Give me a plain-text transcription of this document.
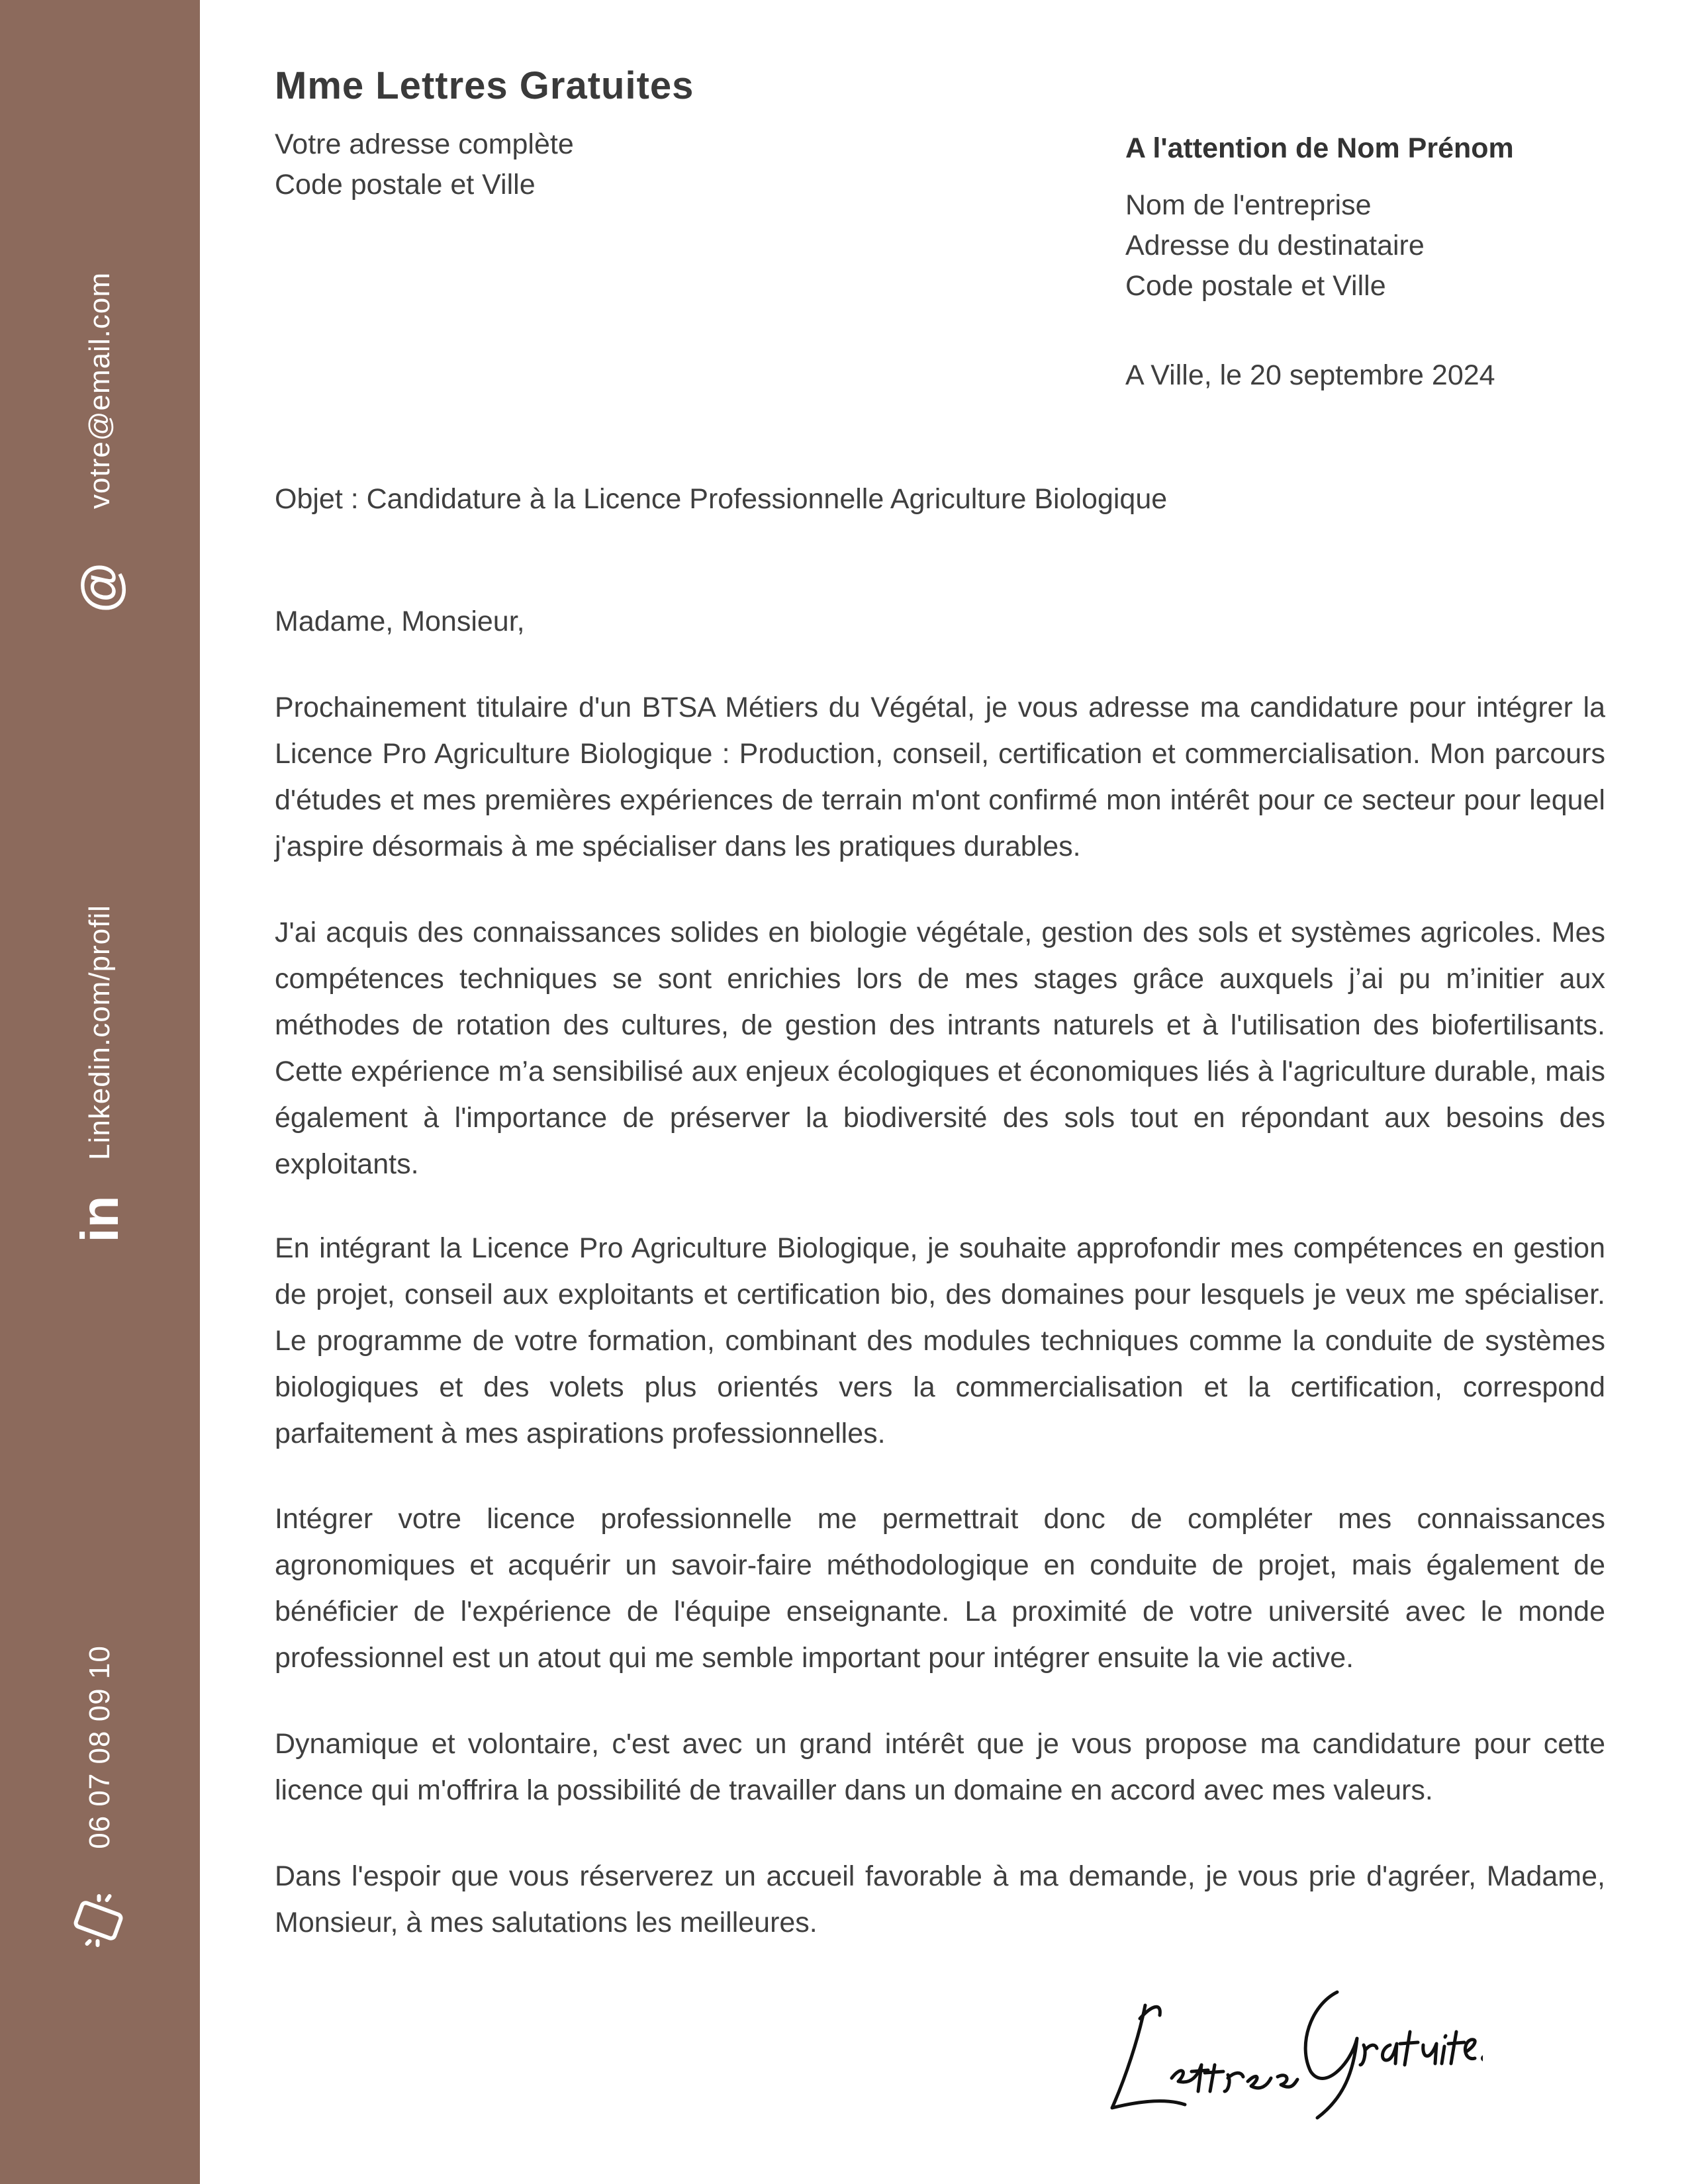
votre@email.com
@
Linkedin.com/profil
in
06 07 08 09 10
Mme Lettres Gratuites
Votre adresse complète
Code postale et Ville
A l'attention de Nom Prénom
Nom de l'entreprise
Adresse du destinataire
Code postale et Ville
A Ville, le 20 septembre 2024
Objet : Candidature à la Licence Professionnelle Agriculture Biologique

Madame, Monsieur,

Prochainement titulaire d'un BTSA Métiers du Végétal, je vous adresse ma candidature pour intégrer la Licence Pro Agriculture Biologique : Production, conseil, certification et commercialisation. Mon parcours d'études et mes premières expériences de terrain m'ont confirmé mon intérêt pour ce secteur pour lequel j'aspire désormais à me spécialiser dans les pratiques durables.

J'ai acquis des connaissances solides en biologie végétale, gestion des sols et systèmes agricoles. Mes compétences techniques se sont enrichies lors de mes stages grâce auxquels j’ai pu m’initier aux méthodes de rotation des cultures, de gestion des intrants naturels et à l'utilisation des biofertilisants. Cette expérience m’a sensibilisé aux enjeux écologiques et économiques liés à l'agriculture durable, mais également à l'importance de préserver la biodiversité des sols tout en répondant aux besoins des exploitants.

En intégrant la Licence Pro Agriculture Biologique, je souhaite approfondir mes compétences en gestion de projet, conseil aux exploitants et certification bio, des domaines pour lesquels je veux me spécialiser. Le programme de votre formation, combinant des modules techniques comme la conduite de systèmes biologiques et des volets plus orientés vers la commercialisation et la certification, correspond parfaitement à mes aspirations professionnelles.

Intégrer votre licence professionnelle me permettrait donc de compléter mes connaissances agronomiques et acquérir un savoir-faire méthodologique en conduite de projet, mais également de bénéficier de l'expérience de l'équipe enseignante. La proximité de votre université avec le monde professionnel est un atout qui me semble important pour intégrer ensuite la vie active.

Dynamique et volontaire, c'est avec un grand intérêt que je vous propose ma candidature pour cette licence qui m'offrira la possibilité de travailler dans un domaine en accord avec mes valeurs.

Dans l'espoir que vous réserverez un accueil favorable à ma demande, je vous prie d'agréer, Madame, Monsieur, à mes salutations les meilleures.
